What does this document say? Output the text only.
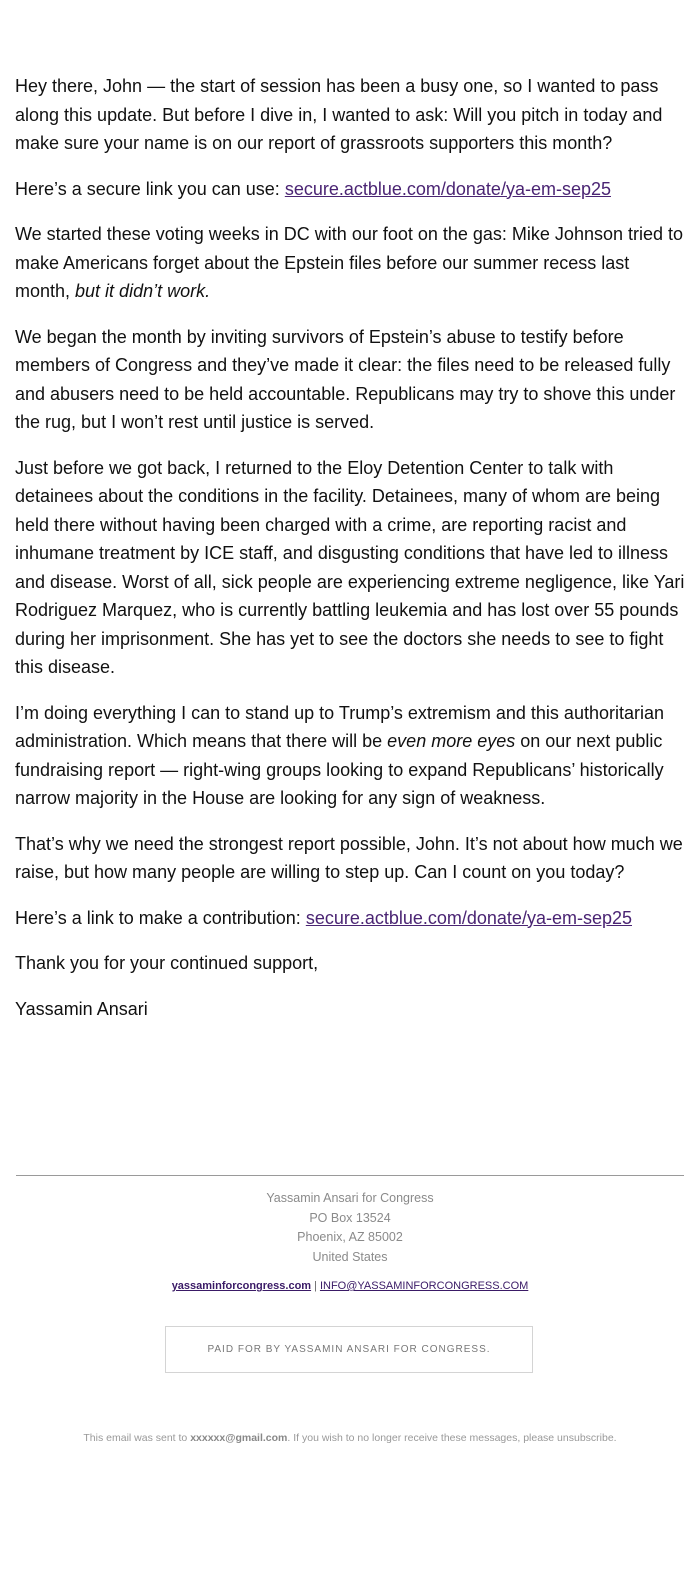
Hey there, John — the start of session has been a busy one, so I wanted to pass along this update. But before I dive in, I wanted to ask: Will you pitch in today and make sure your name is on our report of grassroots supporters this month?

Here’s a secure link you can use: secure.actblue.com/donate/ya-em-sep25

We started these voting weeks in DC with our foot on the gas: Mike Johnson tried to make Americans forget about the Epstein files before our summer recess last month, but it didn’t work.

We began the month by inviting survivors of Epstein’s abuse to testify before members of Congress and they’ve made it clear: the files need to be released fully and abusers need to be held accountable. Republicans may try to shove this under the rug, but I won’t rest until justice is served.

Just before we got back, I returned to the Eloy Detention Center to talk with detainees about the conditions in the facility. Detainees, many of whom are being held there without having been charged with a crime, are reporting racist and inhumane treatment by ICE staff, and disgusting conditions that have led to illness and disease. Worst of all, sick people are experiencing extreme negligence, like Yari Rodriguez Marquez, who is currently battling leukemia and has lost over 55 pounds during her imprisonment. She has yet to see the doctors she needs to see to fight this disease.

I’m doing everything I can to stand up to Trump’s extremism and this authoritarian administration. Which means that there will be even more eyes on our next public fundraising report — right-wing groups looking to expand Republicans’ historically narrow majority in the House are looking for any sign of weakness.

That’s why we need the strongest report possible, John. It’s not about how much we raise, but how many people are willing to step up. Can I count on you today?

Here’s a link to make a contribution: secure.actblue.com/donate/ya-em-sep25

Thank you for your continued support,

Yassamin Ansari

Yassamin Ansari for Congress
PO Box 13524
Phoenix, AZ 85002
United States
yassaminforcongress.com | INFO@YASSAMINFORCONGRESS.COM
PAID FOR BY YASSAMIN ANSARI FOR CONGRESS.
This email was sent to xxxxxx@gmail.com. If you wish to no longer receive these messages, please unsubscribe.
